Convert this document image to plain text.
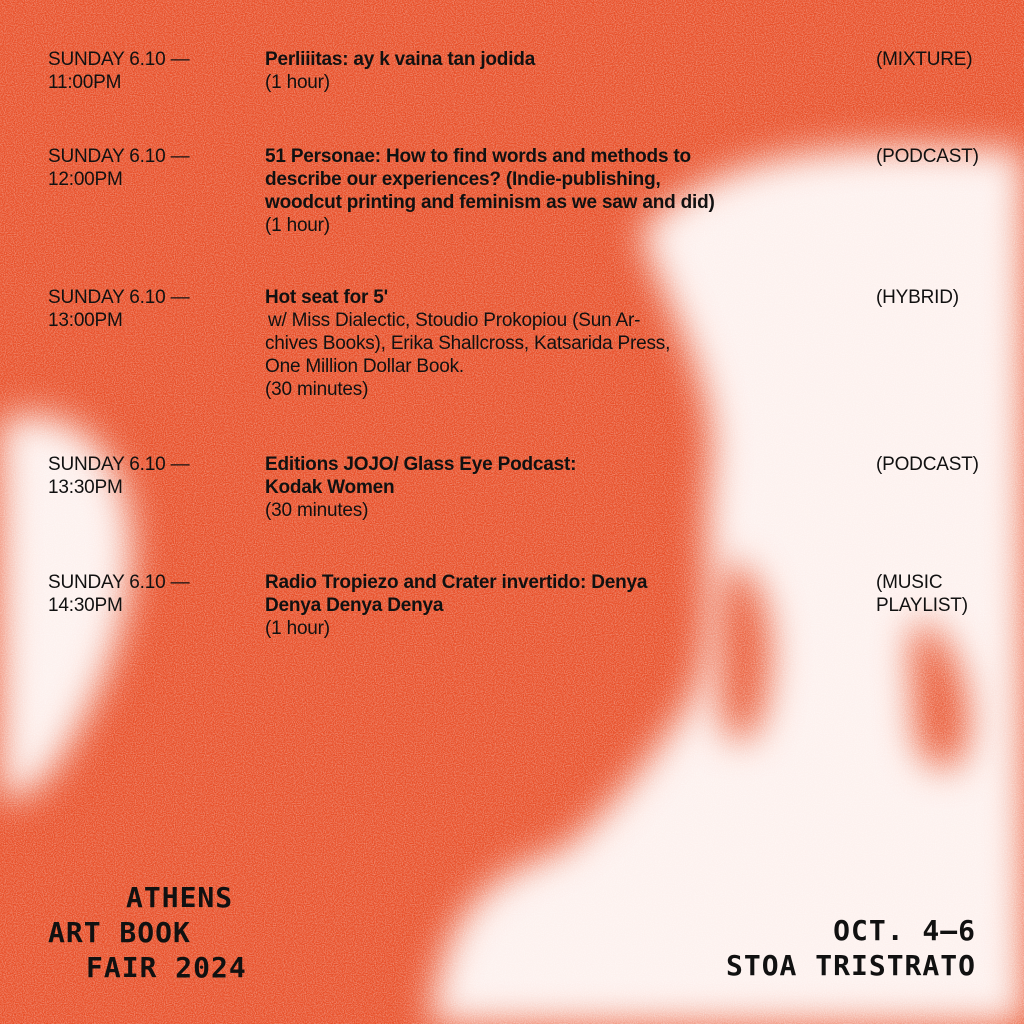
SUNDAY 6.10 —
11:00PM
Perliiitas: ay k vaina tan jodida
(1 hour)
(MIXTURE)
SUNDAY 6.10 —
12:00PM
51 Personae: How to find words and methods to
describe our experiences? (Indie-publishing,
woodcut printing and feminism as we saw and did)
(1 hour)
(PODCAST)
SUNDAY 6.10 —
13:00PM
Hot seat for 5'
w/ Miss Dialectic, Stoudio Prokopiou (Sun Ar-
chives Books), Erika Shallcross, Katsarida Press,
One Million Dollar Book.
(30 minutes)
(HYBRID)
SUNDAY 6.10 —
13:30PM
Editions JOJO/ Glass Eye Podcast:
Kodak Women
(30 minutes)
(PODCAST)
SUNDAY 6.10 —
14:30PM
Radio Tropiezo and Crater invertido: Denya
Denya Denya Denya
(1 hour)
(MUSIC
PLAYLIST)
ATHENS
ART BOOK
FAIR 2024
OCT. 4–6
STOA TRISTRATO
